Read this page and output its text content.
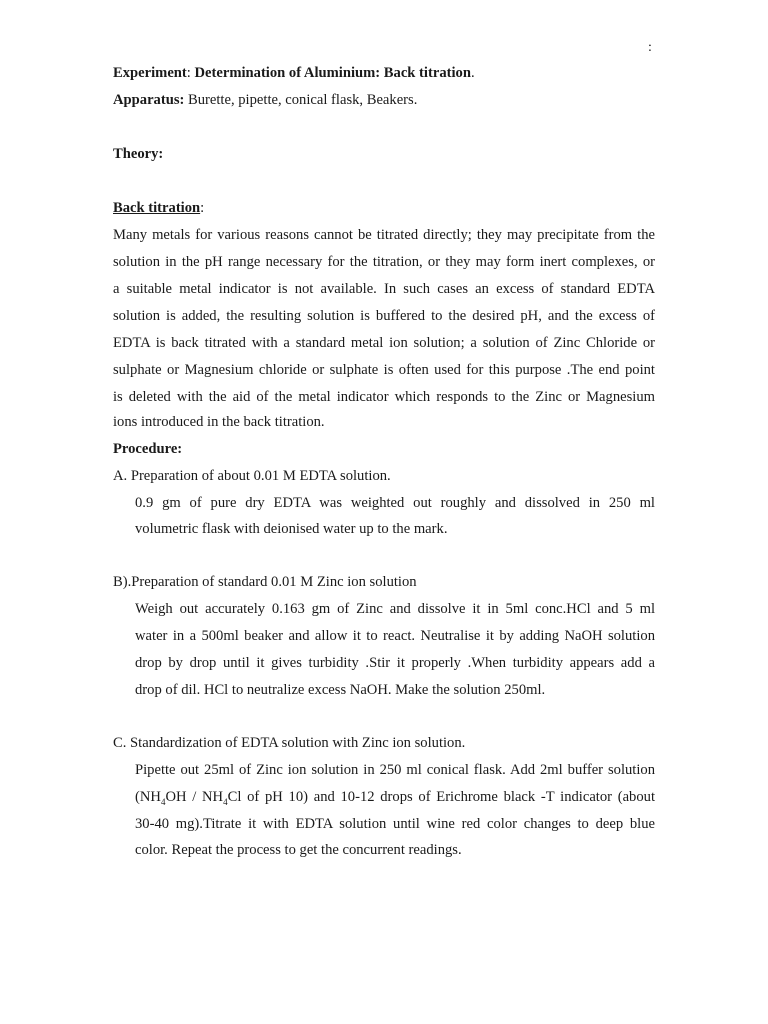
:
Experiment: Determination of Aluminium: Back titration.
Apparatus: Burette, pipette, conical flask, Beakers.
Theory:
Back titration:
Many metals for various reasons cannot be titrated directly; they may precipitate from the
solution in the pH range necessary for the titration, or they may form inert complexes, or
a suitable metal indicator is not available. In such cases an excess of standard EDTA
solution is added, the resulting solution is buffered to the desired pH, and the excess of
EDTA is back titrated with a standard metal ion solution; a solution of Zinc Chloride or
sulphate or Magnesium chloride or sulphate is often used for this purpose .The end point
is deleted with the aid of the metal indicator which responds to the Zinc or Magnesium
ions introduced in the back titration.
Procedure:
A. Preparation of about 0.01 M EDTA solution.
0.9 gm of pure dry EDTA was weighted out roughly and dissolved in 250 ml
volumetric flask with deionised water up to the mark.
B).Preparation of standard 0.01 M Zinc ion solution
Weigh out accurately 0.163 gm of Zinc and dissolve it in 5ml conc.HCl and 5 ml
water in a 500ml beaker and allow it to react. Neutralise it by adding NaOH solution
drop by drop until it gives turbidity .Stir it properly .When turbidity appears add a
drop of dil. HCl to neutralize excess NaOH. Make the solution 250ml.
C. Standardization of EDTA solution with Zinc ion solution.
Pipette out 25ml of Zinc ion solution in 250 ml conical flask. Add 2ml buffer solution
($NH_4OH / NH_4Cl$ of pH 10) and 10-12 drops of Erichrome black -T indicator (about
30-40 mg).Titrate it with EDTA solution until wine red color changes to deep blue
color. Repeat the process to get the concurrent readings.
